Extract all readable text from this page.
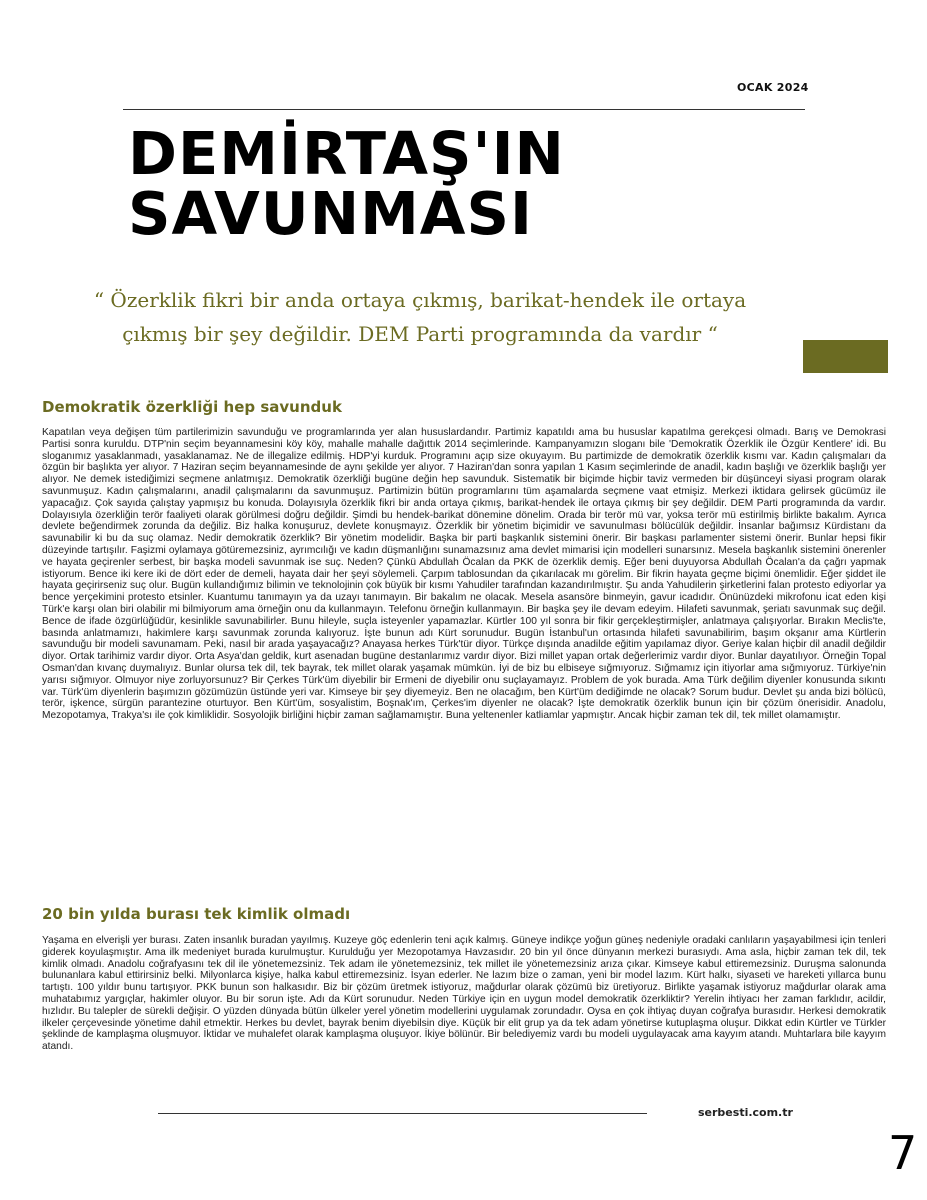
OCAK 2024
DEMİRTAŞ'IN SAVUNMASI
“ Özerklik fikri bir anda ortaya çıkmış, barikat-hendek ile ortaya çıkmış bir şey değildir. DEM Parti programında da vardır “
Demokratik özerkliği hep savunduk
Kapatılan veya değişen tüm partilerimizin savunduğu ve programlarında yer alan hususlardandır. Partimiz kapatıldı ama bu hususlar kapatılma gerekçesi olmadı. Barış ve Demokrasi Partisi sonra kuruldu. DTP'nin seçim beyannamesini köy köy, mahalle mahalle dağıttık 2014 seçimlerinde. Kampanyamızın sloganı bile 'Demokratik Özerklik ile Özgür Kentlere' idi. Bu sloganımız yasaklanmadı, yasaklanamaz. Ne de illegalize edilmiş. HDP'yi kurduk. Programını açıp size okuyayım. Bu partimizde de demokratik özerklik kısmı var. Kadın çalışmaları da özgün bir başlıkta yer alıyor. 7 Haziran seçim beyannamesinde de aynı şekilde yer alıyor. 7 Haziran'dan sonra yapılan 1 Kasım seçimlerinde de anadil, kadın başlığı ve özerklik başlığı yer alıyor. Ne demek istediğimizi seçmene anlatmışız. Demokratik özerkliği bugüne değin hep savunduk. Sistematik bir biçimde hiçbir taviz vermeden bir düşünceyi siyasi program olarak savunmuşuz. Kadın çalışmalarını, anadil çalışmalarını da savunmuşuz. Partimizin bütün programlarını tüm aşamalarda seçmene vaat etmişiz. Merkezi iktidara gelirsek gücümüz ile yapacağız. Çok sayıda çalıştay yapmışız bu konuda. Dolayısıyla özerklik fikri bir anda ortaya çıkmış, barikat-hendek ile ortaya çıkmış bir şey değildir. DEM Parti programında da vardır. Dolayısıyla özerkliğin terör faaliyeti olarak görülmesi doğru değildir. Şimdi bu hendek-barikat dönemine dönelim. Orada bir terör mü var, yoksa terör mü estirilmiş birlikte bakalım. Ayrıca devlete beğendirmek zorunda da değiliz. Biz halka konuşuruz, devlete konuşmayız. Özerklik bir yönetim biçimidir ve savunulması bölücülük değildir. İnsanlar bağımsız Kürdistanı da savunabilir ki bu da suç olamaz. Nedir demokratik özerklik? Bir yönetim modelidir. Başka bir parti başkanlık sistemini önerir. Bir başkası parlamenter sistemi önerir. Bunlar hepsi fikir düzeyinde tartışılır. Faşizmi oylamaya götüremezsiniz, ayrımcılığı ve kadın düşmanlığını sunamazsınız ama devlet mimarisi için modelleri sunarsınız. Mesela başkanlık sistemini önerenler ve hayata geçirenler serbest, bir başka modeli savunmak ise suç. Neden? Çünkü Abdullah Öcalan da PKK de özerklik demiş. Eğer beni duyuyorsa Abdullah Öcalan'a da çağrı yapmak istiyorum. Bence iki kere iki de dört eder de demeli, hayata dair her şeyi söylemeli. Çarpım tablosundan da çıkarılacak mı görelim. Bir fikrin hayata geçme biçimi önemlidir. Eğer şiddet ile hayata geçirirseniz suç olur. Bugün kullandığımız bilimin ve teknolojinin çok büyük bir kısmı Yahudiler tarafından kazandırılmıştır. Şu anda Yahudilerin şirketlerini falan protesto ediyorlar ya bence yerçekimini protesto etsinler. Kuantumu tanımayın ya da uzayı tanımayın. Bir bakalım ne olacak. Mesela asansöre binmeyin, gavur icadıdır. Önünüzdeki mikrofonu icat eden kişi Türk'e karşı olan biri olabilir mi bilmiyorum ama örneğin onu da kullanmayın. Telefonu örneğin kullanmayın. Bir başka şey ile devam edeyim. Hilafeti savunmak, şeriatı savunmak suç değil. Bence de ifade özgürlüğüdür, kesinlikle savunabilirler. Bunu hileyle, suçla isteyenler yapamazlar. Kürtler 100 yıl sonra bir fikir gerçekleştirmişler, anlatmaya çalışıyorlar. Bırakın Meclis'te, basında anlatmamızı, hakimlere karşı savunmak zorunda kalıyoruz. İşte bunun adı Kürt sorunudur. Bugün İstanbul'un ortasında hilafeti savunabilirim, başım okşanır ama Kürtlerin savunduğu bir modeli savunamam. Peki, nasıl bir arada yaşayacağız? Anayasa herkes Türk'tür diyor. Türkçe dışında anadilde eğitim yapılamaz diyor. Geriye kalan hiçbir dil anadil değildir diyor. Ortak tarihimiz vardır diyor. Orta Asya'dan geldik, kurt asenadan bugüne destanlarımız vardır diyor. Bizi millet yapan ortak değerlerimiz vardır diyor. Bunlar dayatılıyor. Örneğin Topal Osman'dan kıvanç duymalıyız. Bunlar olursa tek dil, tek bayrak, tek millet olarak yaşamak mümkün. İyi de biz bu elbiseye sığmıyoruz. Sığmamız için itiyorlar ama sığmıyoruz. Türkiye'nin yarısı sığmıyor. Olmuyor niye zorluyorsunuz? Bir Çerkes Türk'üm diyebilir bir Ermeni de diyebilir onu suçlayamayız. Problem de yok burada. Ama Türk değilim diyenler konusunda sıkıntı var. Türk'üm diyenlerin başımızın gözümüzün üstünde yeri var. Kimseye bir şey diyemeyiz. Ben ne olacağım, ben Kürt'üm dediğimde ne olacak? Sorum budur. Devlet şu anda bizi bölücü, terör, işkence, sürgün parantezine oturtuyor. Ben Kürt'üm, sosyalistim, Boşnak'ım, Çerkes'im diyenler ne olacak? İşte demokratik özerklik bunun için bir çözüm önerisidir. Anadolu, Mezopotamya, Trakya'sı ile çok kimliklidir. Sosyolojik birliğini hiçbir zaman sağlamamıştır. Buna yeltenenler katliamlar yapmıştır. Ancak hiçbir zaman tek dil, tek millet olamamıştır.
20 bin yılda burası tek kimlik olmadı
Yaşama en elverişli yer burası. Zaten insanlık buradan yayılmış. Kuzeye göç edenlerin teni açık kalmış. Güneye indikçe yoğun güneş nedeniyle oradaki canlıların yaşayabilmesi için tenleri giderek koyulaşmıştır. Ama ilk medeniyet burada kurulmuştur. Kurulduğu yer Mezopotamya Havzasıdır. 20 bin yıl önce dünyanın merkezi burasıydı. Ama asla, hiçbir zaman tek dil, tek kimlik olmadı. Anadolu coğrafyasını tek dil ile yönetemezsiniz. Tek adam ile yönetemezsiniz, tek millet ile yönetemezsiniz arıza çıkar. Kimseye kabul ettiremezsiniz. Duruşma salonunda bulunanlara kabul ettirirsiniz belki. Milyonlarca kişiye, halka kabul ettiremezsiniz. İsyan ederler. Ne lazım bize o zaman, yeni bir model lazım. Kürt halkı, siyaseti ve hareketi yıllarca bunu tartıştı. 100 yıldır bunu tartışıyor. PKK bunun son halkasıdır. Biz bir çözüm üretmek istiyoruz, mağdurlar olarak çözümü biz üretiyoruz. Birlikte yaşamak istiyoruz mağdurlar olarak ama muhatabımız yargıçlar, hakimler oluyor. Bu bir sorun işte. Adı da Kürt sorunudur. Neden Türkiye için en uygun model demokratik özerkliktir? Yerelin ihtiyacı her zaman farklıdır, acildir, hızlıdır. Bu talepler de sürekli değişir. O yüzden dünyada bütün ülkeler yerel yönetim modellerini uygulamak zorundadır. Oysa en çok ihtiyaç duyan coğrafya burasıdır. Herkesi demokratik ilkeler çerçevesinde yönetime dahil etmektir. Herkes bu devlet, bayrak benim diyebilsin diye. Küçük bir elit grup ya da tek adam yönetirse kutuplaşma oluşur. Dikkat edin Kürtler ve Türkler şeklinde de kamplaşma oluşmuyor. İktidar ve muhalefet olarak kamplaşma oluşuyor. İkiye bölünür. Bir belediyemiz vardı bu modeli uygulayacak ama kayyım atandı. Muhtarlara bile kayyım atandı.
serbesti.com.tr
7
